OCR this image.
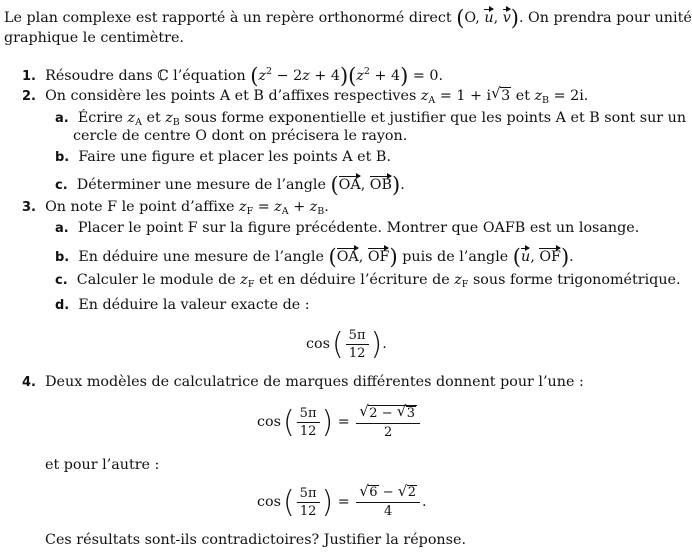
Le plan complexe est rapporté à un repère orthonormé direct (O, u, v). On prendra pour unité
graphique le centimètre.
1. Résoudre dans ℂ l’équation $(z^2 - 2z + 4)(z^2 + 4) = 0$.
2. On considère les points A et B d’affixes respectives $z_A = 1 + i$ √ 3 et $z_B = 2i$.
a. Écrire $z_A$ et $z_B$ sous forme exponentielle et justifier que les points A et B sont sur un
cercle de centre O dont on précisera le rayon.
b. Faire une figure et placer les points A et B.
c. Déterminer une mesure de l’angle (OA, OB).
3. On note F le point d’affixe $z_F = z_A + z_B$.
a. Placer le point F sur la figure précédente. Montrer que OAFB est un losange.
b. En déduire une mesure de l’angle (OA, OF) puis de l’angle (u, OF).
c. Calculer le module de $z_F$ et en déduire l’écriture de $z_F$ sous forme trigonométrique.
d. En déduire la valeur exacte de :
cos ( $\frac{5\pi}{12}$ ) .
4. Deux modèles de calculatrice de marques différentes donnent pour l’une :
cos ( $\frac{5\pi}{12}$ )
=
$\frac{√ 2 - √ 3}{2}$
et pour l’autre :
cos ( $\frac{5\pi}{12}$ )
=
$\frac{√ 6 - √ 2}{4}$ .
Ces résultats sont-ils contradictoires? Justifier la réponse.
